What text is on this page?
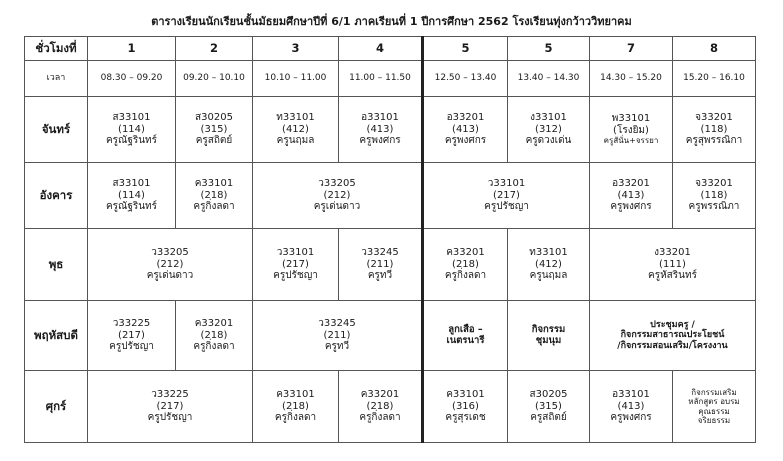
ตารางเรียนนักเรียนชั้นมัธยมศึกษาปีที่ 6/1 ภาคเรียนที่ 1 ปีการศึกษา 2562 โรงเรียนทุ่งกว้าววิทยาคม
ชั่วโมงที่	1	2	3	4	5	5	7	8
เวลา	08.30 – 09.20	09.20 – 10.10	10.10 – 11.00	11.00 – 11.50	12.50 – 13.40	13.40 – 14.30	14.30 – 15.20	15.20 – 16.10
จันทร์	ส33101
(114)
ครูณัฐรินทร์	ส30205
(315)
ครูสถิตย์	ท33101
(412)
ครูนฤมล	อ33101
(413)
ครูพงศกร	อ33201
(413)
ครูพงศกร	ง33101
(312)
ครูดวงเด่น	พ33101
(โรงยิม)
ครูสันั่น+จรรยา	จ33201
(118)
ครูสุพรรณิกา

อังคาร	ส33101
(114)
ครูณัฐรินทร์	ค33101
(218)
ครูกิ่งลดา	ว33205
(212)
ครูเด่นดาว		ว33101
(217)
ครูปรัชญา		อ33201
(413)
ครูพงศกร	จ33201
(118)
ครูพรรณิภา

พุธ	ว33205
(212)
ครูเด่นดาว		ว33101
(217)
ครูปรัชญา	ว33245
(211)
ครูทวี	ค33201
(218)
ครูกิ่งลดา	ท33101
(412)
ครูนฤมล	ง33201
(111)
ครูหัสรินทร์	

พฤหัสบดี	ว33225
(217)
ครูปรัชญา	ค33201
(218)
ครูกิ่งลดา	ว33245
(211)
ครูทวี		ลูกเสือ –
เนตรนารี	กิจกรรม
ชุมนุม	ประชุมครู /
กิจกรรมสาธารณประโยชน์
/กิจกรรมสอนเสริม/โครงงาน	

ศุกร์	ว33225
(217)
ครูปรัชญา		ค33101
(218)
ครูกิ่งลดา	ค33201
(218)
ครูกิ่งลดา	ค33101
(316)
ครูสุรเดช	ส30205
(315)
ครูสถิตย์	อ33101
(413)
ครูพงศกร	กิจกรรมเสริม
หลักสูตร อบรม
คุณธรรม
จริยธรรม
